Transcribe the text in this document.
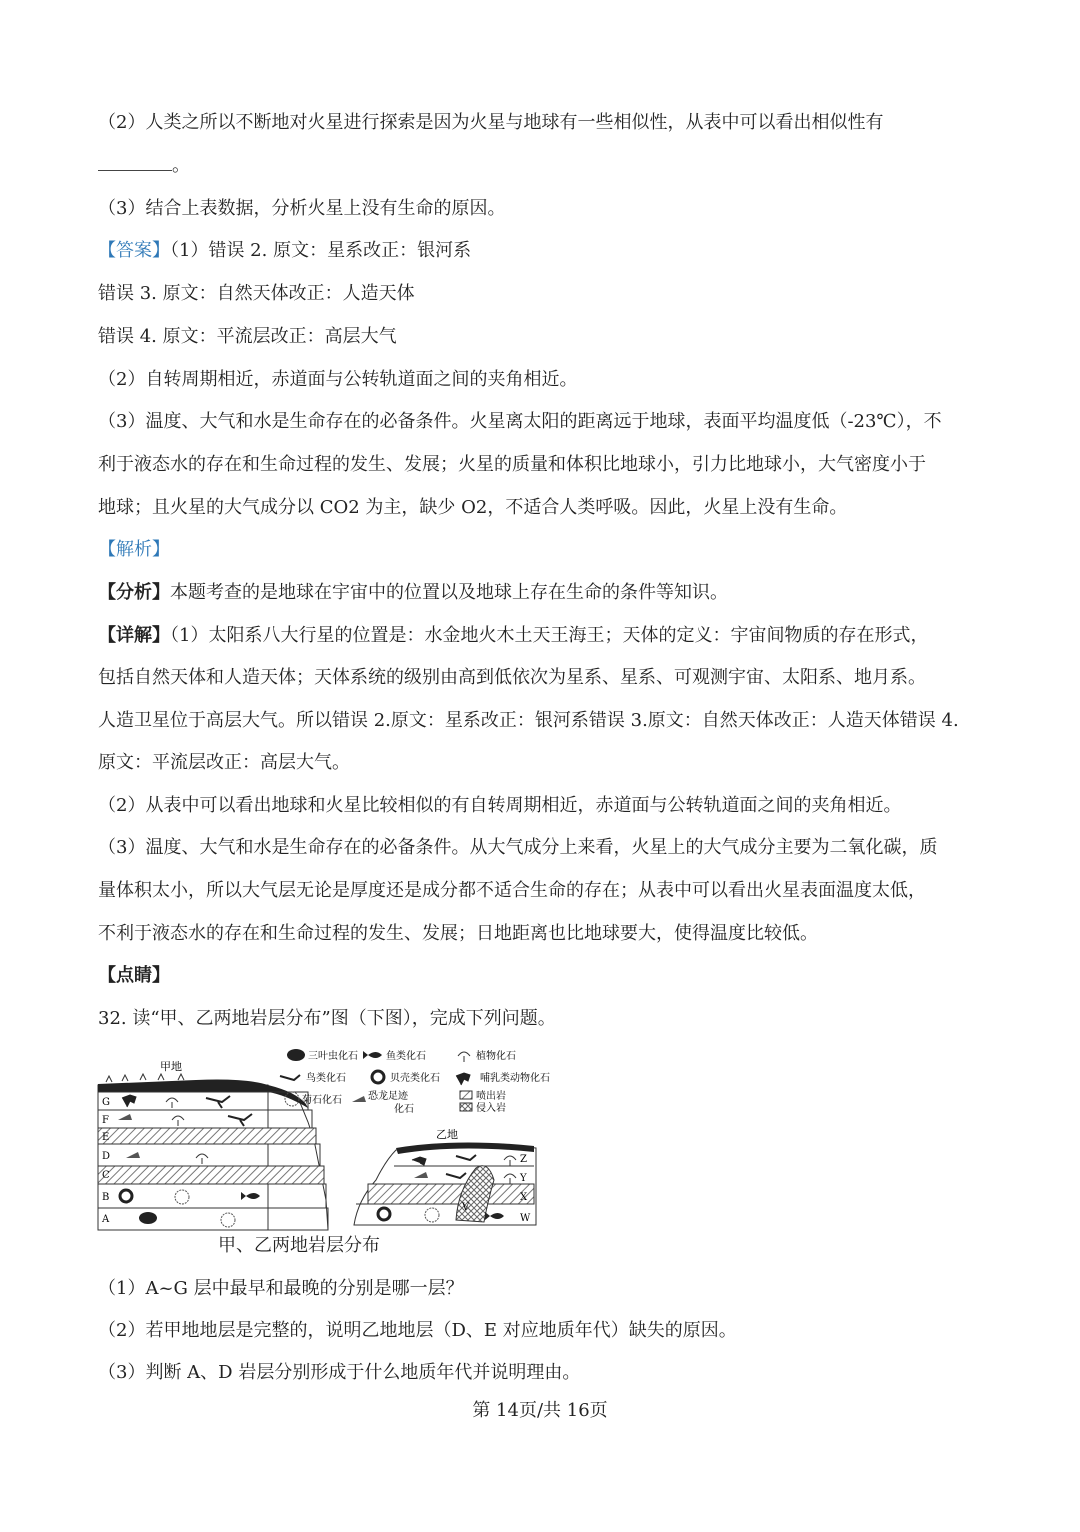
（2）人类之所以不断地对火星进行探索是因为火星与地球有一些相似性，从表中可以看出相似性有
。
（3）结合上表数据，分析火星上没有生命的原因。
【答案】（1）错误 2. 原文：星系改正：银河系
错误 3. 原文：自然天体改正：人造天体
错误 4. 原文：平流层改正：高层大气
（2）自转周期相近，赤道面与公转轨道面之间的夹角相近。
（3）温度、大气和水是生命存在的必备条件。火星离太阳的距离远于地球，表面平均温度低（-23℃），不
利于液态水的存在和生命过程的发生、发展；火星的质量和体积比地球小，引力比地球小，大气密度小于
地球；且火星的大气成分以 CO2 为主，缺少 O2，不适合人类呼吸。因此，火星上没有生命。
【解析】
【分析】本题考查的是地球在宇宙中的位置以及地球上存在生命的条件等知识。
【详解】（1）太阳系八大行星的位置是：水金地火木土天王海王；天体的定义：宇宙间物质的存在形式，
包括自然天体和人造天体；天体系统的级别由高到低依次为星系、星系、可观测宇宙、太阳系、地月系。
人造卫星位于高层大气。所以错误 2.原文：星系改正：银河系错误 3.原文：自然天体改正：人造天体错误 4.
原文：平流层改正：高层大气。
（2）从表中可以看出地球和火星比较相似的有自转周期相近，赤道面与公转轨道面之间的夹角相近。
（3）温度、大气和水是生命存在的必备条件。从大气成分上来看，火星上的大气成分主要为二氧化碳，质
量体积太小，所以大气层无论是厚度还是成分都不适合生命的存在；从表中可以看出火星表面温度太低，
不利于液态水的存在和生命过程的发生、发展；日地距离也比地球要大，使得温度比较低。
【点睛】
32. 读“甲、乙两地岩层分布”图（下图），完成下列问题。
G
F
E
D
C
B
A
甲地
Z
Y
X
W
V
乙地
三叶虫化石	鱼类化石	植物化石
鸟类化石	贝壳类化石	哺乳类动物化石
菊石化石	恐龙足迹
化石
喷出岩
侵入岩
甲、乙两地岩层分布
（1）A~G 层中最早和最晚的分别是哪一层？
（2）若甲地地层是完整的，说明乙地地层（D、E 对应地质年代）缺失的原因。
（3）判断 A、D 岩层分别形成于什么地质年代并说明理由。
第 14页/共 16页
